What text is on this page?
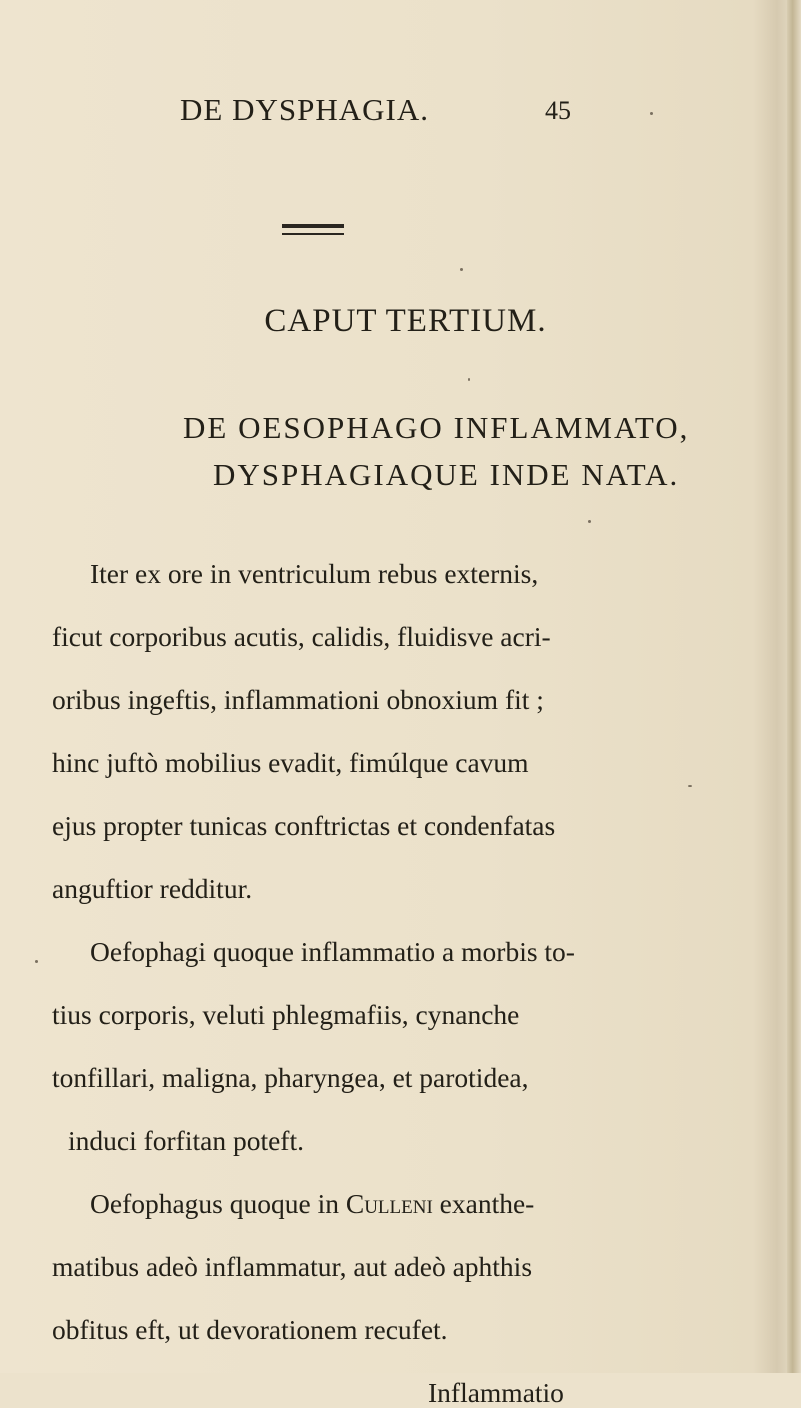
DE DYSPHAGIA.	45
CAPUT TERTIUM.
DE OESOPHAGO INFLAMMATO,
DYSPHAGIAQUE INDE NATA.
Iter ex ore in ventriculum rebus externis,
ficut corporibus acutis, calidis, fluidisve acri-
oribus ingeftis, inflammationi obnoxium fit ;
hinc juftò mobilius evadit, fimúlque cavum
ejus propter tunicas conftrictas et condenfatas
anguftior redditur.
Oefophagi quoque inflammatio a morbis to-
tius corporis, veluti phlegmafiis, cynanche
tonfillari, maligna, pharyngea, et parotidea,
induci forfitan poteft.
Oefophagus quoque in Culleni exanthe-
matibus adeò inflammatur, aut adeò aphthis
obfitus eft, ut devorationem recufet.
Inflammatio
